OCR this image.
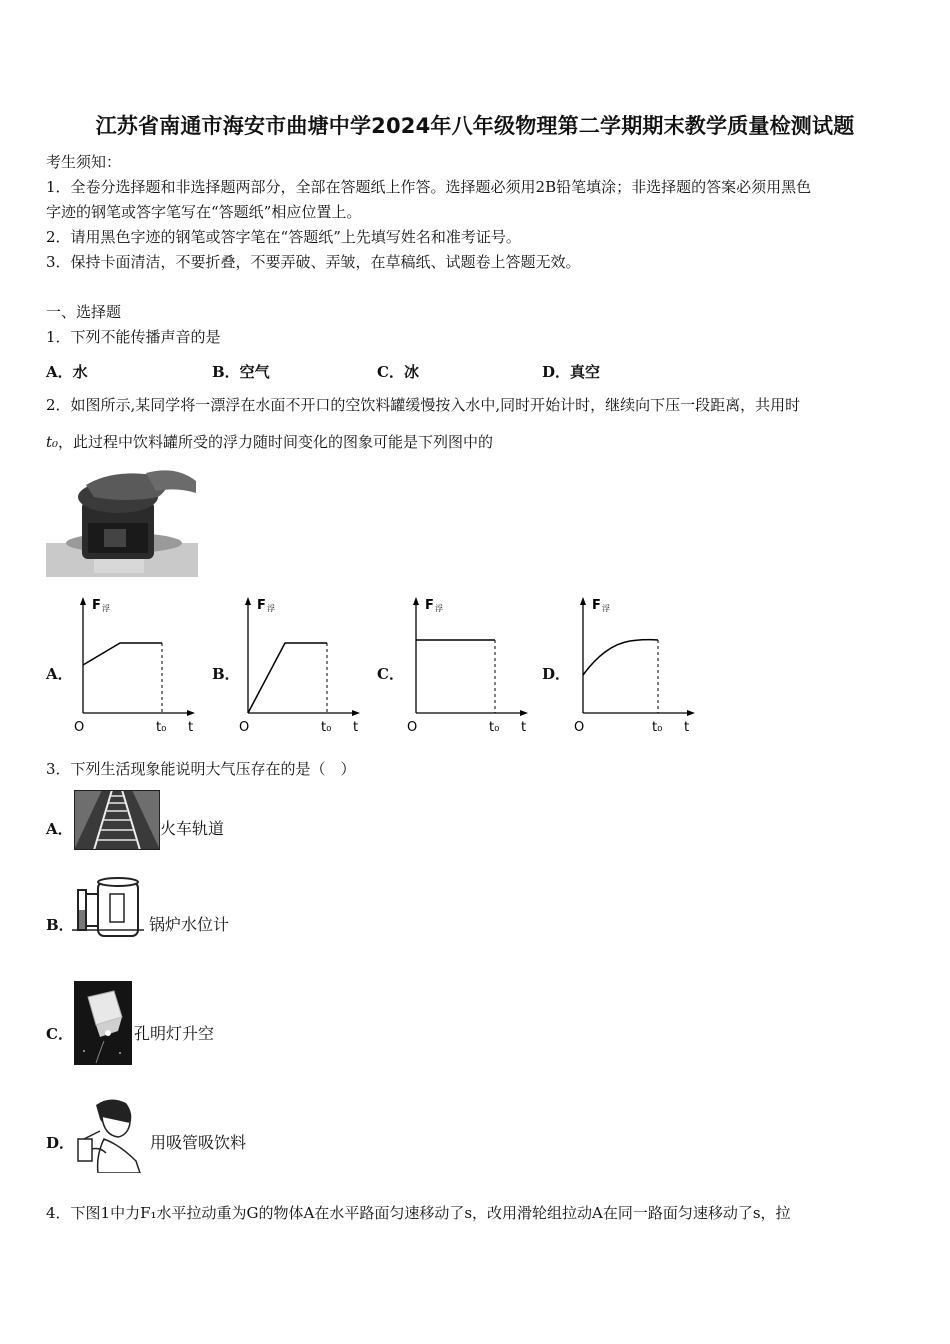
江苏省南通市海安市曲塘中学2024年八年级物理第二学期期末教学质量检测试题
考生须知：
1．全卷分选择题和非选择题两部分，全部在答题纸上作答。选择题必须用2B铅笔填涂；非选择题的答案必须用黑色
字迹的钢笔或答字笔写在“答题纸”相应位置上。
2．请用黑色字迹的钢笔或答字笔在“答题纸”上先填写姓名和准考证号。
3．保持卡面清洁，不要折叠，不要弄破、弄皱，在草稿纸、试题卷上答题无效。
一、选择题
1．下列不能传播声音的是
A．水	B．空气	C．冰	D．真空
2．如图所示,某同学将一漂浮在水面不开口的空饮料罐缓慢按入水中,同时开始计时，继续向下压一段距离，共用时
t₀，此过程中饮料罐所受的浮力随时间变化的图象可能是下列图中的
A．	B．	C．	D．
F 浮
O	t₀ t
F 浮
O	t₀ t
F 浮
O	t₀ t
F 浮
O	t₀ t
3．下列生活现象能说明大气压存在的是（　）
A．	火车轨道
B．	锅炉水位计
C．	孔明灯升空
D．	用吸管吸饮料
4．下图1中力F₁水平拉动重为G的物体A在水平路面匀速移动了s，改用滑轮组拉动A在同一路面匀速移动了s，拉
